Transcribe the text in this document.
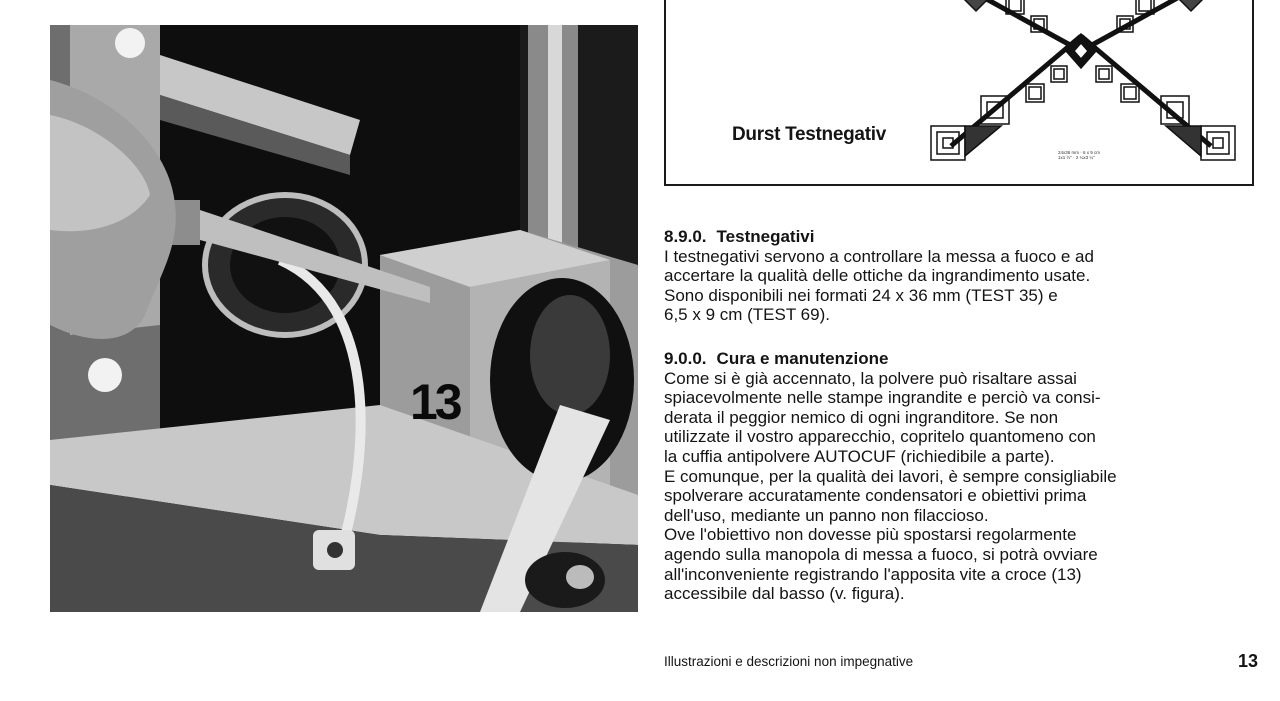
13
Durst Testnegativ
24x36 mm · 6 x 9 cm
1x1 ½" · 2 ¼x3 ¼"
8.9.0. Testnegativi
I testnegativi servono a controllare la messa a fuoco e ad
accertare la qualità delle ottiche da ingrandimento usate.
Sono disponibili nei formati 24 x 36 mm (TEST 35) e
6,5 x 9 cm (TEST 69).
9.0.0. Cura e manutenzione
Come si è già accennato, la polvere può risaltare assai
spiacevolmente nelle stampe ingrandite e perciò va consi-
derata il peggior nemico di ogni ingranditore. Se non
utilizzate il vostro apparecchio, copritelo quantomeno con
la cuffia antipolvere AUTOCUF (richiedibile a parte).
E comunque, per la qualità dei lavori, è sempre consigliabile
spolverare accuratamente condensatori e obiettivi prima
dell'uso, mediante un panno non filaccioso.
Ove l'obiettivo non dovesse più spostarsi regolarmente
agendo sulla manopola di messa a fuoco, si potrà ovviare
all'inconveniente registrando l'apposita vite a croce (13)
accessibile dal basso (v. figura).
Illustrazioni e descrizioni non impegnative	13
